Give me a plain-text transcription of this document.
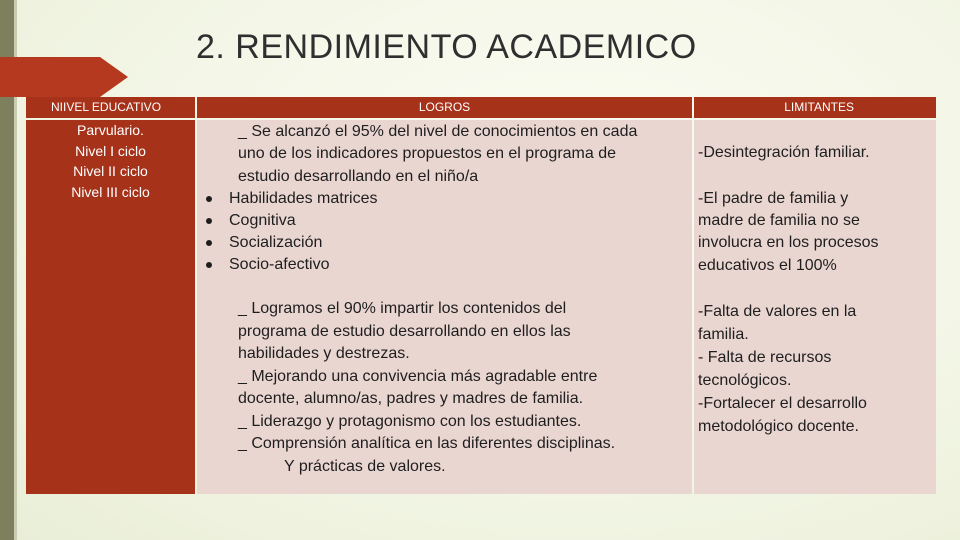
2. RENDIMIENTO ACADEMICO
NIIVEL EDUCATIVO	LOGROS	LIMITANTES
Parvulario.
Nivel I ciclo
Nivel II ciclo
Nivel III ciclo
_ Se alcanzó el 95% del nivel de conocimientos en cada
uno de los indicadores propuestos en el programa de
estudio desarrollando en el niño/a
Habilidades matrices
Cognitiva
Socialización
Socio-afectivo
_ Logramos el 90% impartir los contenidos del
programa de estudio desarrollando en ellos las
habilidades y destrezas.
_ Mejorando una convivencia más agradable entre
docente, alumno/as, padres y madres de familia.
_ Liderazgo y protagonismo con los estudiantes.
_ Comprensión analítica en las diferentes disciplinas.
Y prácticas de valores.
-Desintegración familiar.
-El padre de familia y
madre de familia no se
involucra en los procesos
educativos el 100%
-Falta de valores en la
familia.
- Falta de recursos
tecnológicos.
-Fortalecer el desarrollo
metodológico docente.
